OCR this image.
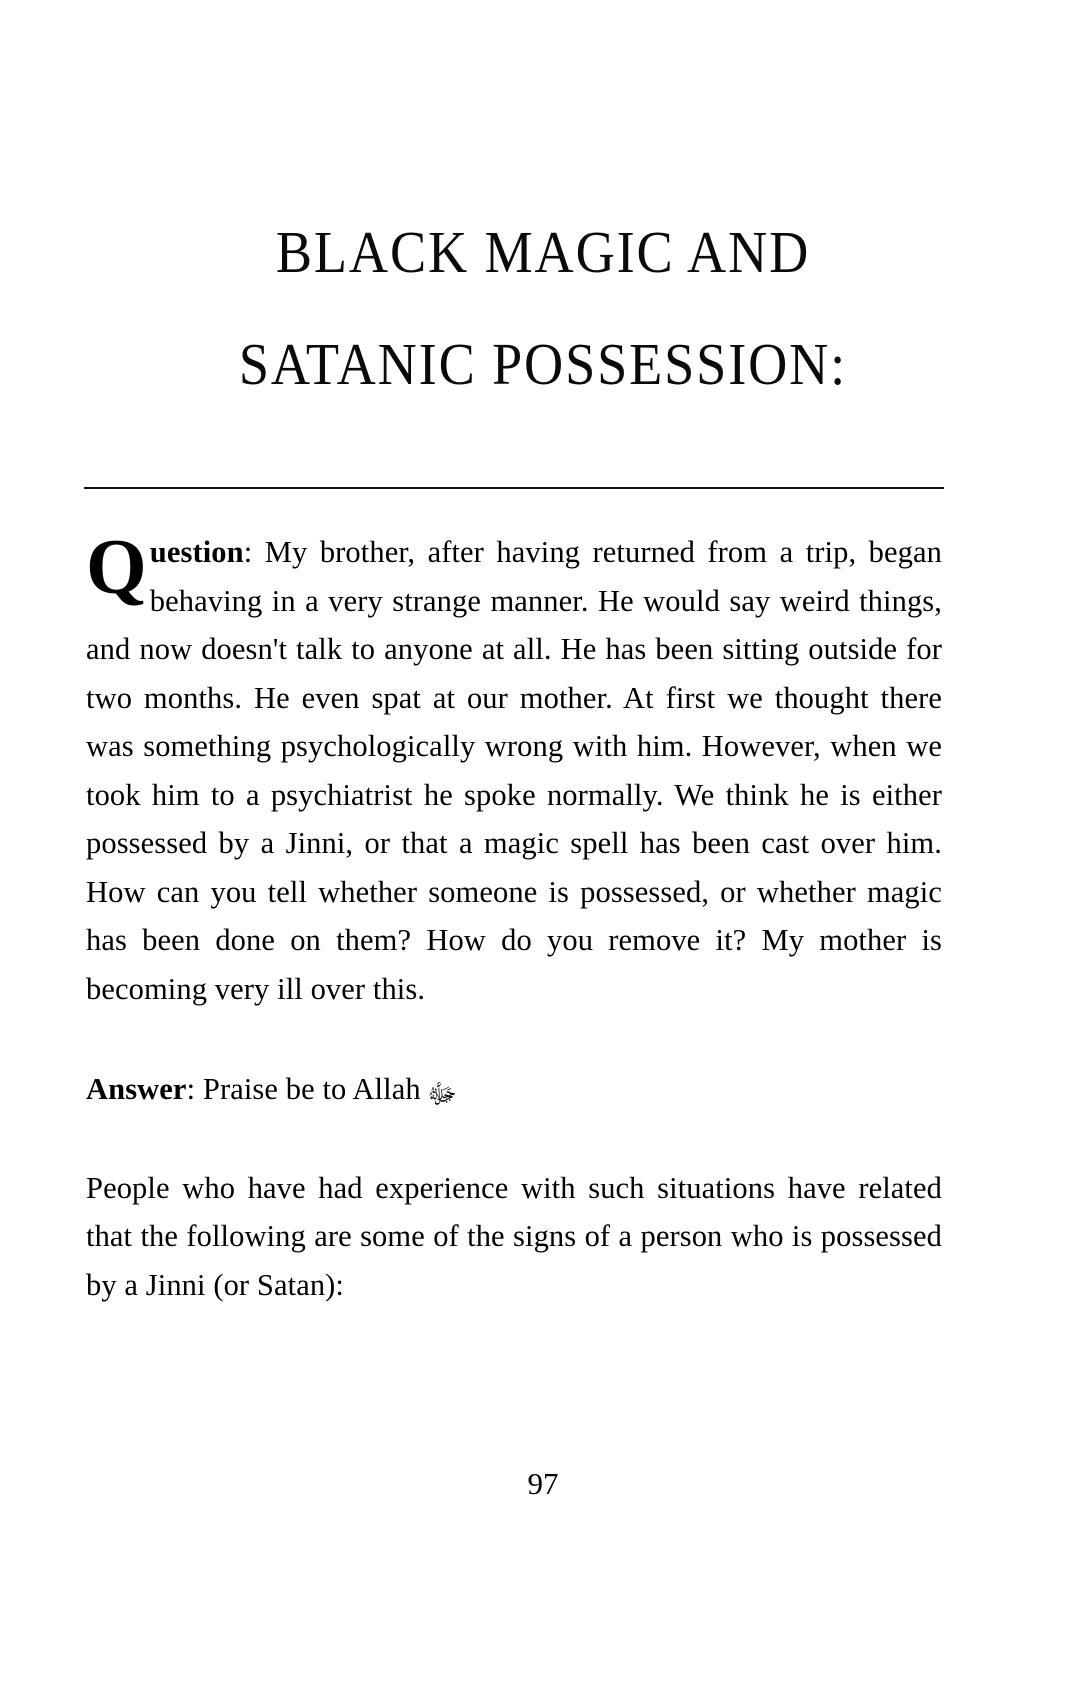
BLACK MAGIC AND
SATANIC POSSESSION:

Question: My brother, after having returned from a trip, began behaving in a very strange manner. He would say weird things, and now doesn't talk to anyone at all. He has been sitting outside for two months. He even spat at our mother. At first we thought there was something psychologically wrong with him. However, when we took him to a psychiatrist he spoke normally. We think he is either possessed by a Jinni, or that a magic spell has been cast over him. How can you tell whether someone is possessed, or whether magic has been done on them? How do you remove it? My mother is becoming very ill over this.

Answer: Praise be to Allah ﷻ

People who have had experience with such situations have related that the following are some of the signs of a person who is possessed by a Jinni (or Satan):

97
